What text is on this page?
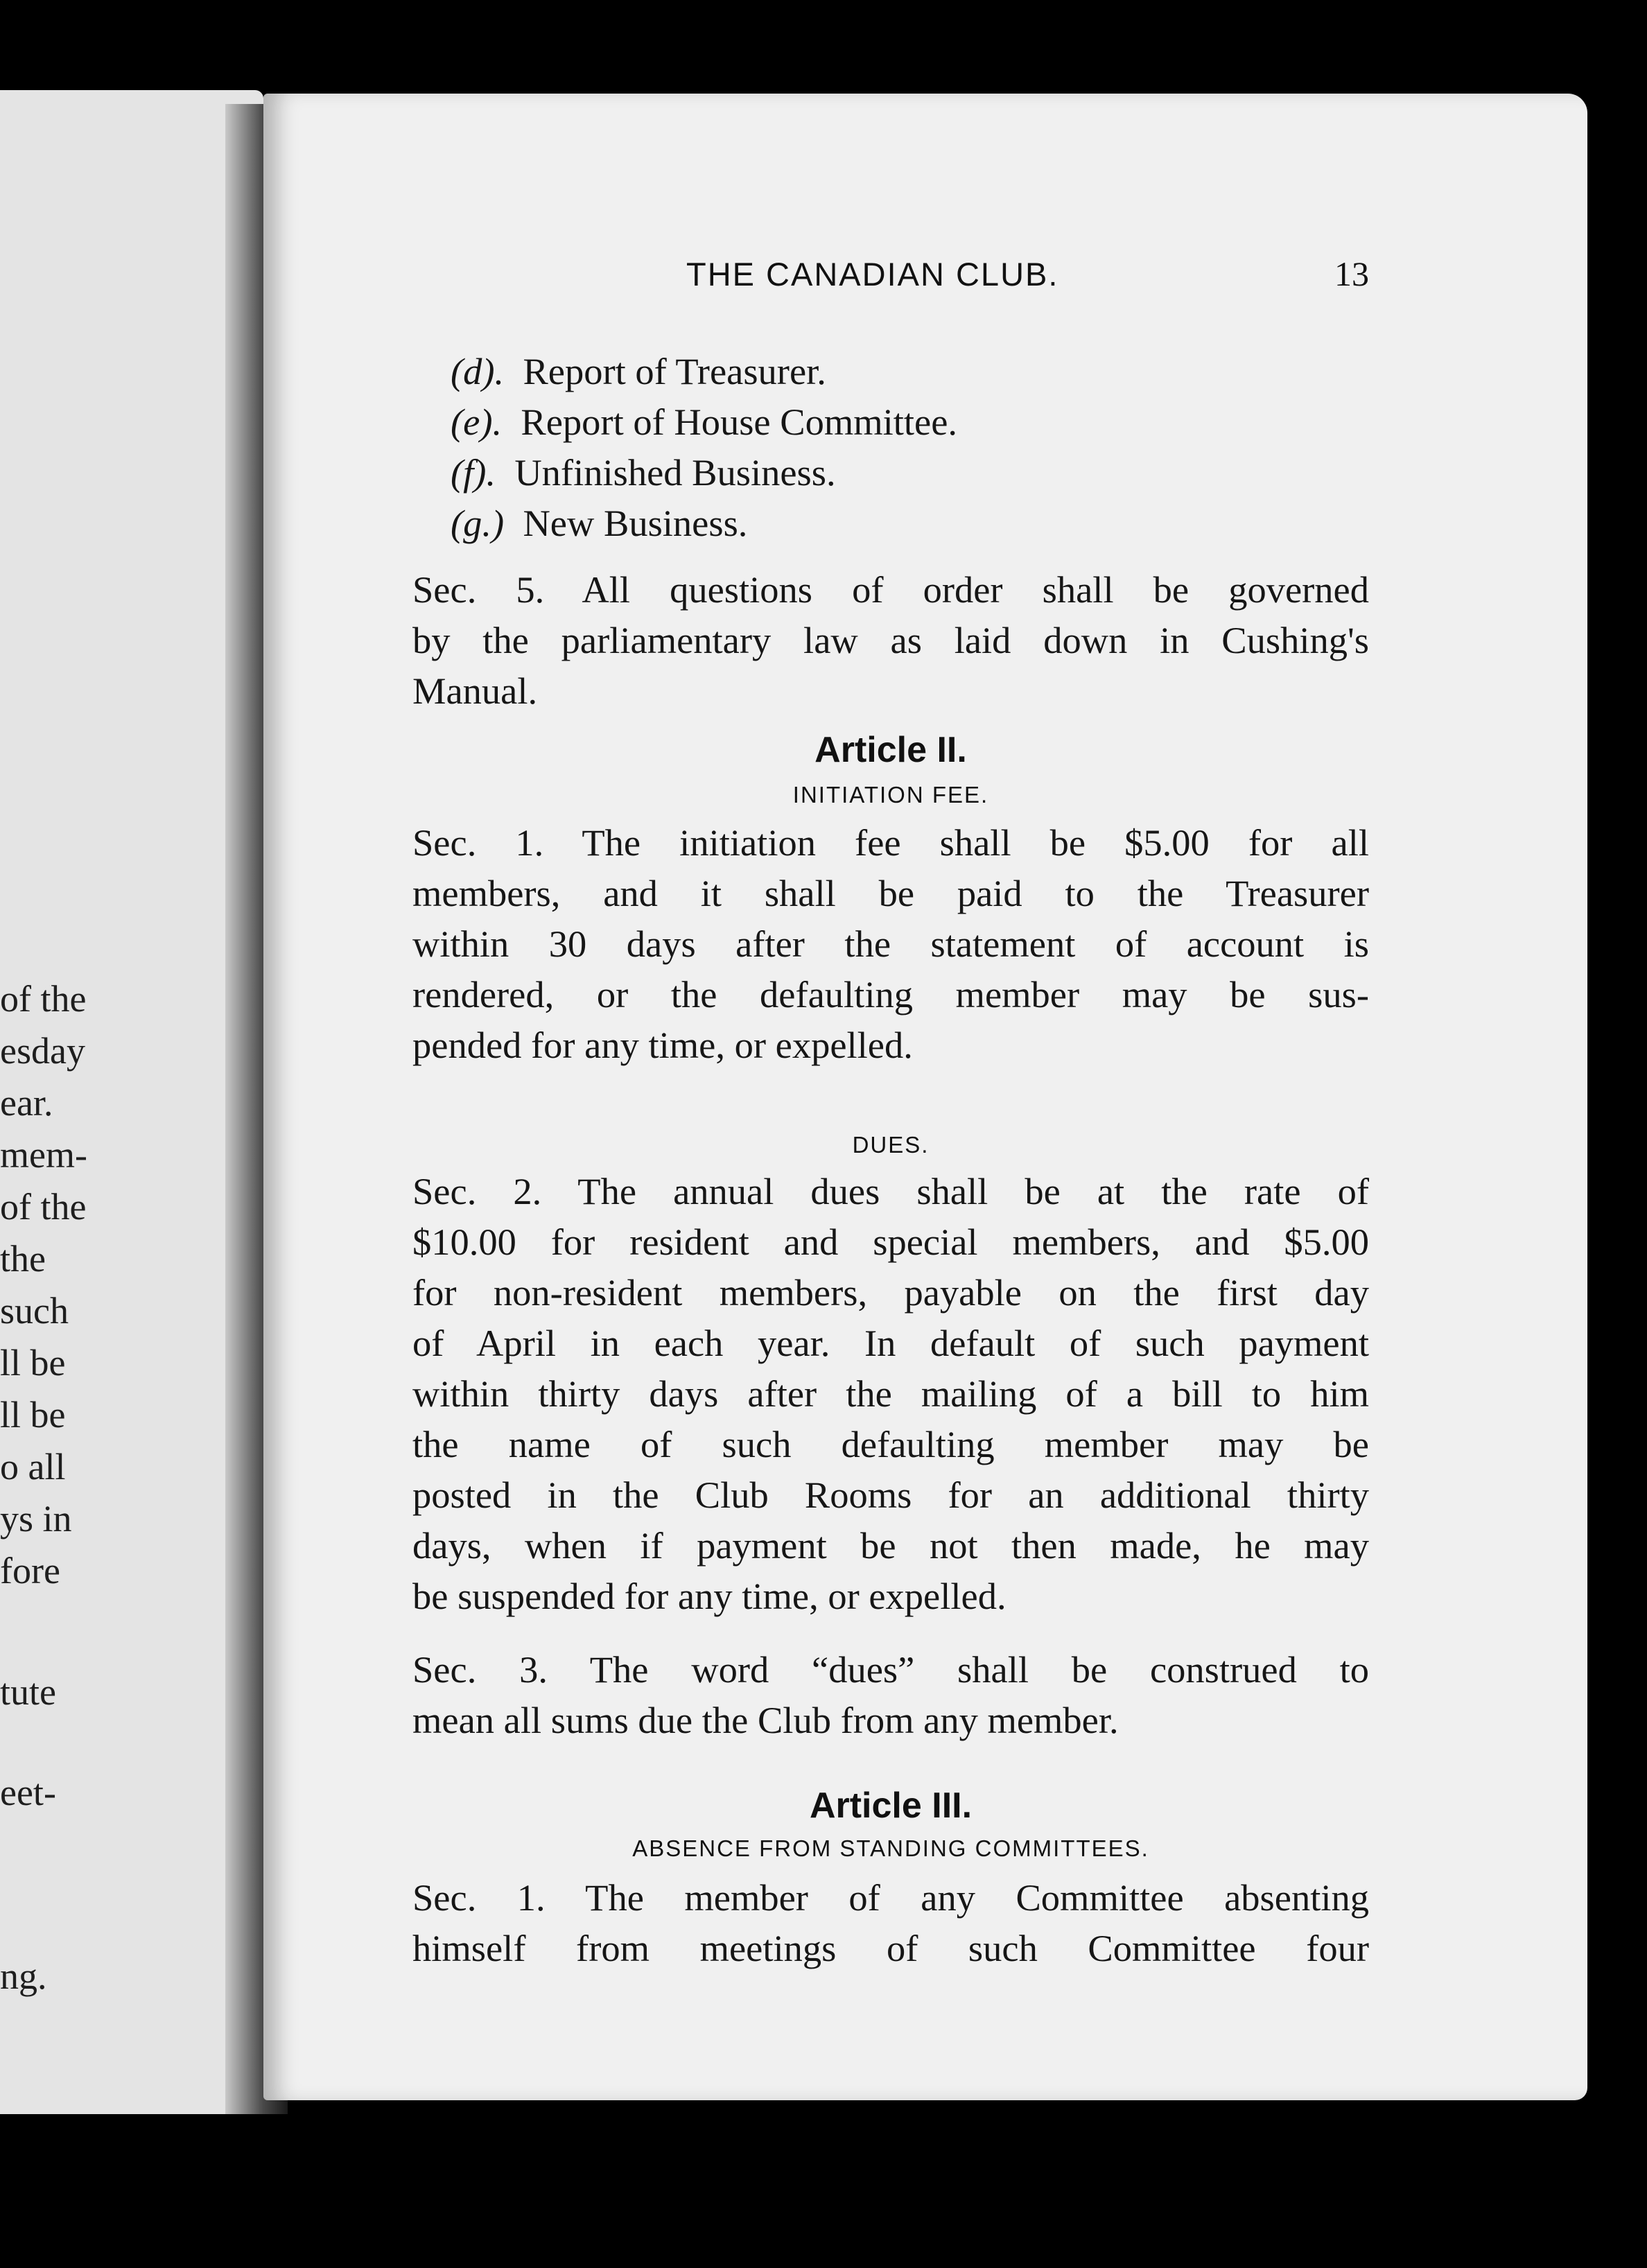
of the
esday
ear.
mem-
of the
the
such
ll be
ll be
o all
ys in
fore
tute
eet-
ng.
THE CANADIAN CLUB.	13
(d). Report of Treasurer.
(e). Report of House Committee.
(f). Unfinished Business.
(g.) New Business.
Sec. 5. All questions of order shall be governed
by the parliamentary law as laid down in Cushing's
Manual.
Article II.
INITIATION FEE.
Sec. 1. The initiation fee shall be $5.00 for all
members, and it shall be paid to the Treasurer
within 30 days after the statement of account is
rendered, or the defaulting member may be sus-
pended for any time, or expelled.
DUES.
Sec. 2. The annual dues shall be at the rate of
$10.00 for resident and special members, and $5.00
for non-resident members, payable on the first day
of April in each year. In default of such payment
within thirty days after the mailing of a bill to him
the name of such defaulting member may be
posted in the Club Rooms for an additional thirty
days, when if payment be not then made, he may
be suspended for any time, or expelled.
Sec. 3. The word “dues” shall be construed to
mean all sums due the Club from any member.
Article III.
ABSENCE FROM STANDING COMMITTEES.
Sec. 1. The member of any Committee absenting
himself from meetings of such Committee four
